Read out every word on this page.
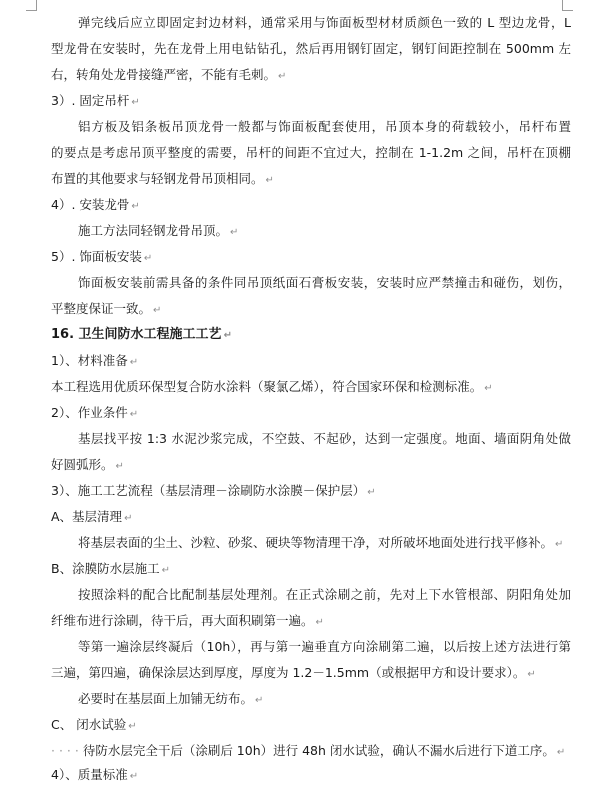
弹完线后应立即固定封边材料，通常采用与饰面板型材材质颜色一致的 L 型边龙骨，L
型龙骨在安装时，先在龙骨上用电钻钻孔，然后再用钢钉固定，钢钉间距控制在 500mm 左
右，转角处龙骨接缝严密，不能有毛刺。 ↵
3）. 固定吊杆 ↵
铝方板及铝条板吊顶龙骨一般都与饰面板配套使用，吊顶本身的荷载较小，吊杆布置
的要点是考虑吊顶平整度的需要，吊杆的间距不宜过大，控制在 1-1.2m 之间，吊杆在顶棚
布置的其他要求与轻钢龙骨吊顶相同。 ↵
4）. 安装龙骨 ↵
施工方法同轻钢龙骨吊顶。 ↵
5）. 饰面板安装 ↵
饰面板安装前需具备的条件同吊顶纸面石膏板安装，安装时应严禁撞击和碰伤，划伤，
平整度保证一致。 ↵
16. 卫生间防水工程施工工艺 ↵
1）、材料准备 ↵
本工程选用优质环保型复合防水涂料（聚氯乙烯），符合国家环保和检测标准。 ↵
2）、作业条件 ↵
基层找平按 1:3 水泥沙浆完成，不空鼓、不起砂，达到一定强度。地面、墙面阴角处做
好圆弧形。 ↵
3）、施工工艺流程（基层清理－涂刷防水涂膜－保护层） ↵
A、基层清理 ↵
将基层表面的尘土、沙粒、砂浆、硬块等物清理干净，对所破坏地面处进行找平修补。 ↵
B、涂膜防水层施工 ↵
按照涂料的配合比配制基层处理剂。在正式涂刷之前，先对上下水管根部、阴阳角处加
纤维布进行涂刷，待干后，再大面积刷第一遍。 ↵
等第一遍涂层终凝后（10h），再与第一遍垂直方向涂刷第二遍，以后按上述方法进行第
三遍，第四遍，确保涂层达到厚度，厚度为 1.2－1.5mm（或根据甲方和设计要求）。 ↵
必要时在基层面上加铺无纺布。 ↵
C、 闭水试验 ↵
· · · · 待防水层完全干后（涂刷后 10h）进行 48h 闭水试验，确认不漏水后进行下道工序。 ↵
4）、质量标准 ↵
